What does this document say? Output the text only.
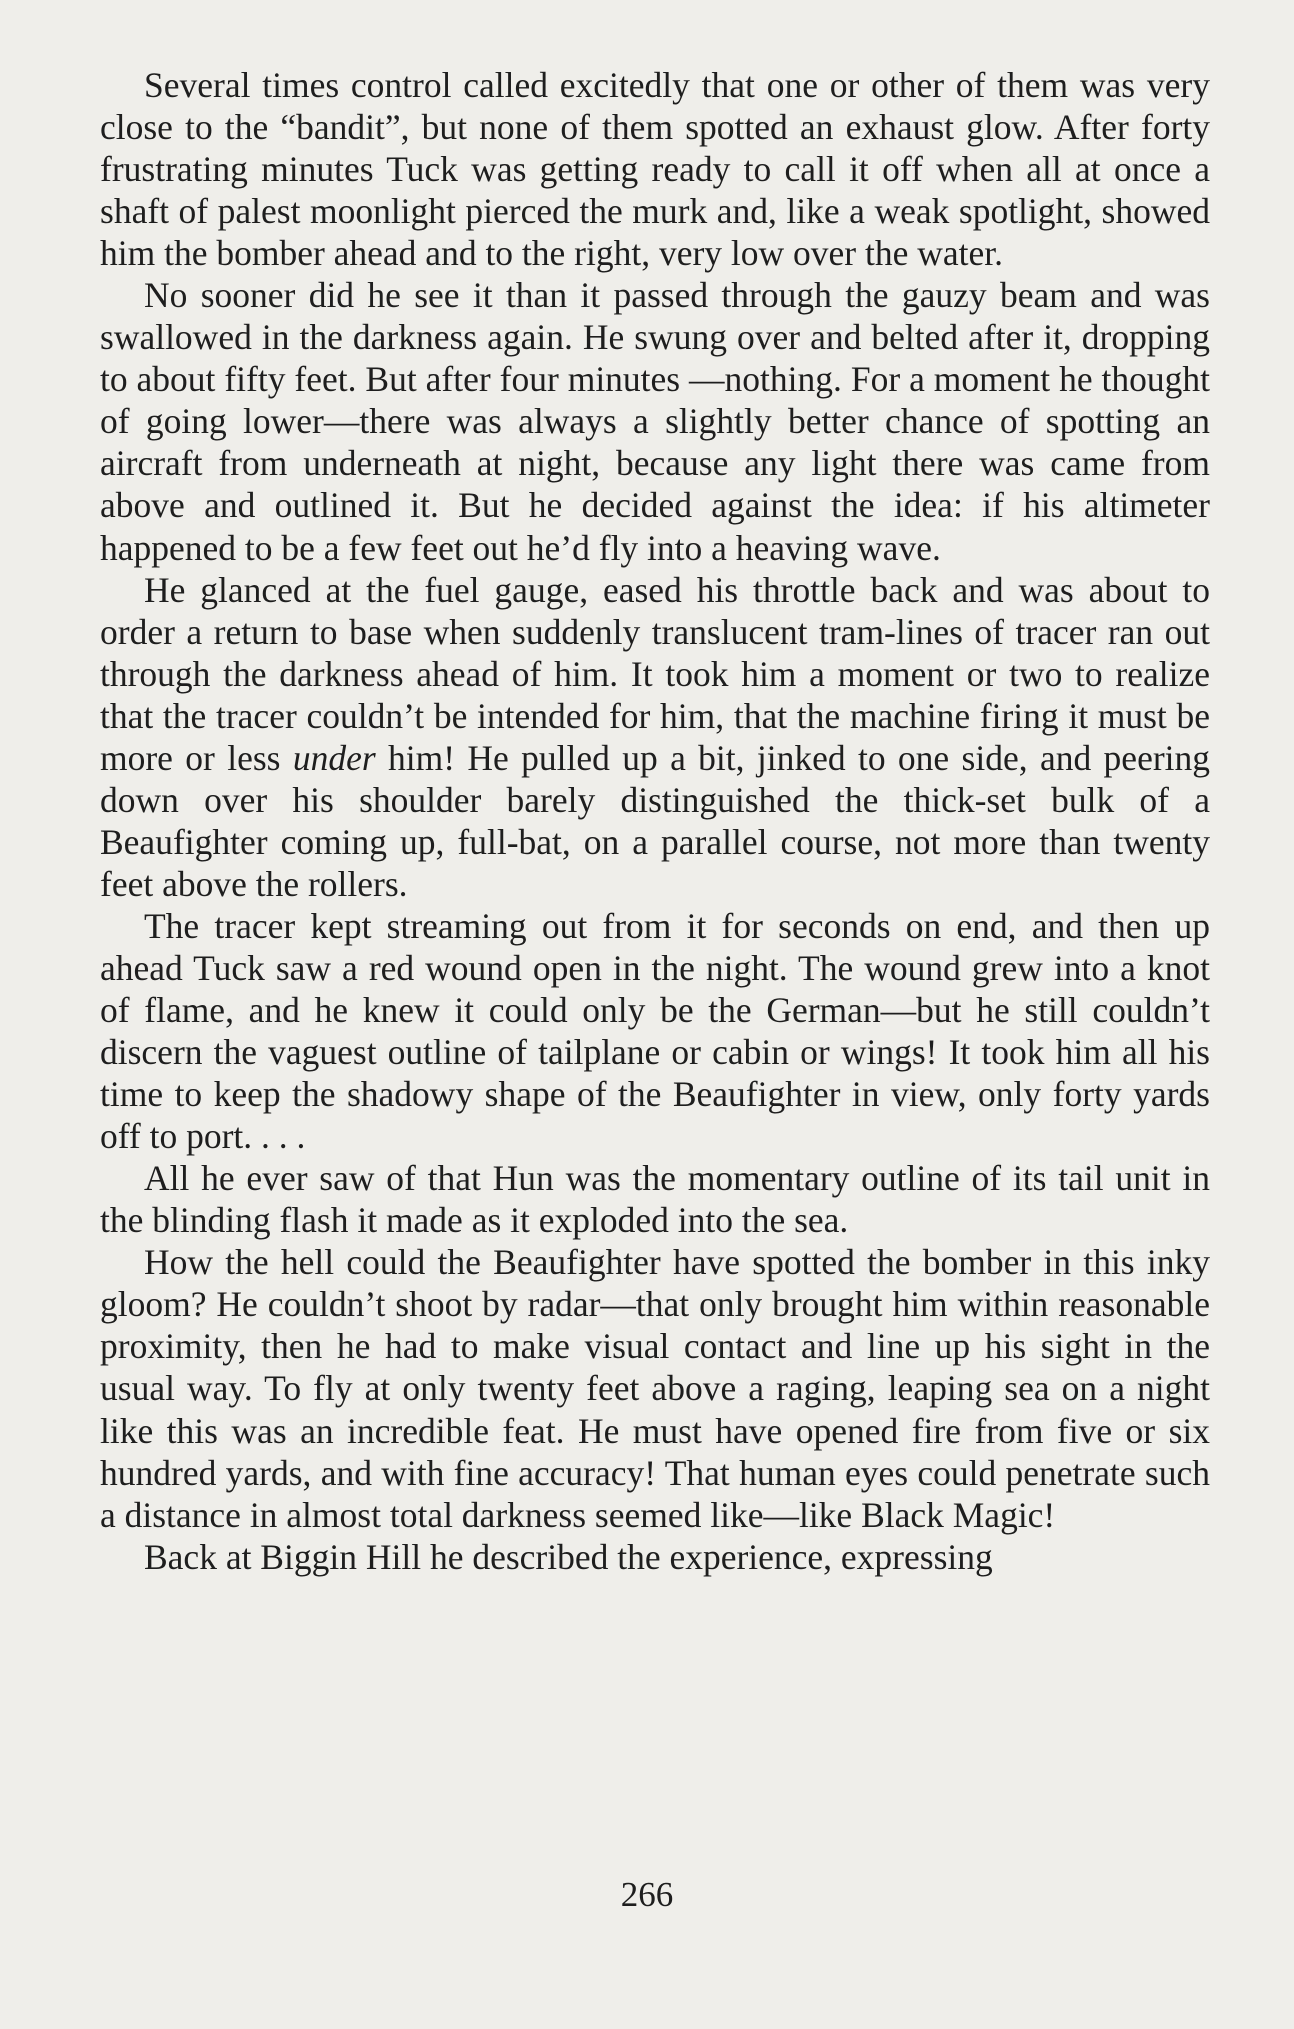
Several times control called excitedly that one or other of them was very close to the “bandit”, but none of them spotted an exhaust glow. After forty frustrating minutes Tuck was getting ready to call it off when all at once a shaft of palest moonlight pierced the murk and, like a weak spotlight, showed him the bomber ahead and to the right, very low over the water.

No sooner did he see it than it passed through the gauzy beam and was swallowed in the darkness again. He swung over and belted after it, dropping to about fifty feet. But after four minutes —nothing. For a moment he thought of going lower—there was always a slightly better chance of spotting an aircraft from underneath at night, because any light there was came from above and outlined it. But he decided against the idea: if his altimeter happened to be a few feet out he’d fly into a heaving wave.

He glanced at the fuel gauge, eased his throttle back and was about to order a return to base when suddenly translucent tram-lines of tracer ran out through the darkness ahead of him. It took him a moment or two to realize that the tracer couldn’t be intended for him, that the machine firing it must be more or less under him! He pulled up a bit, jinked to one side, and peering down over his shoulder barely distinguished the thick-set bulk of a Beaufighter coming up, full-bat, on a parallel course, not more than twenty feet above the rollers.

The tracer kept streaming out from it for seconds on end, and then up ahead Tuck saw a red wound open in the night. The wound grew into a knot of flame, and he knew it could only be the German—but he still couldn’t discern the vaguest outline of tailplane or cabin or wings! It took him all his time to keep the shadowy shape of the Beaufighter in view, only forty yards off to port. . . .

All he ever saw of that Hun was the momentary outline of its tail unit in the blinding flash it made as it exploded into the sea.

How the hell could the Beaufighter have spotted the bomber in this inky gloom? He couldn’t shoot by radar—that only brought him within reasonable proximity, then he had to make visual contact and line up his sight in the usual way. To fly at only twenty feet above a raging, leaping sea on a night like this was an incredible feat. He must have opened fire from five or six hundred yards, and with fine accuracy! That human eyes could penetrate such a distance in almost total darkness seemed like—like Black Magic!

Back at Biggin Hill he described the experience, expressing

266
